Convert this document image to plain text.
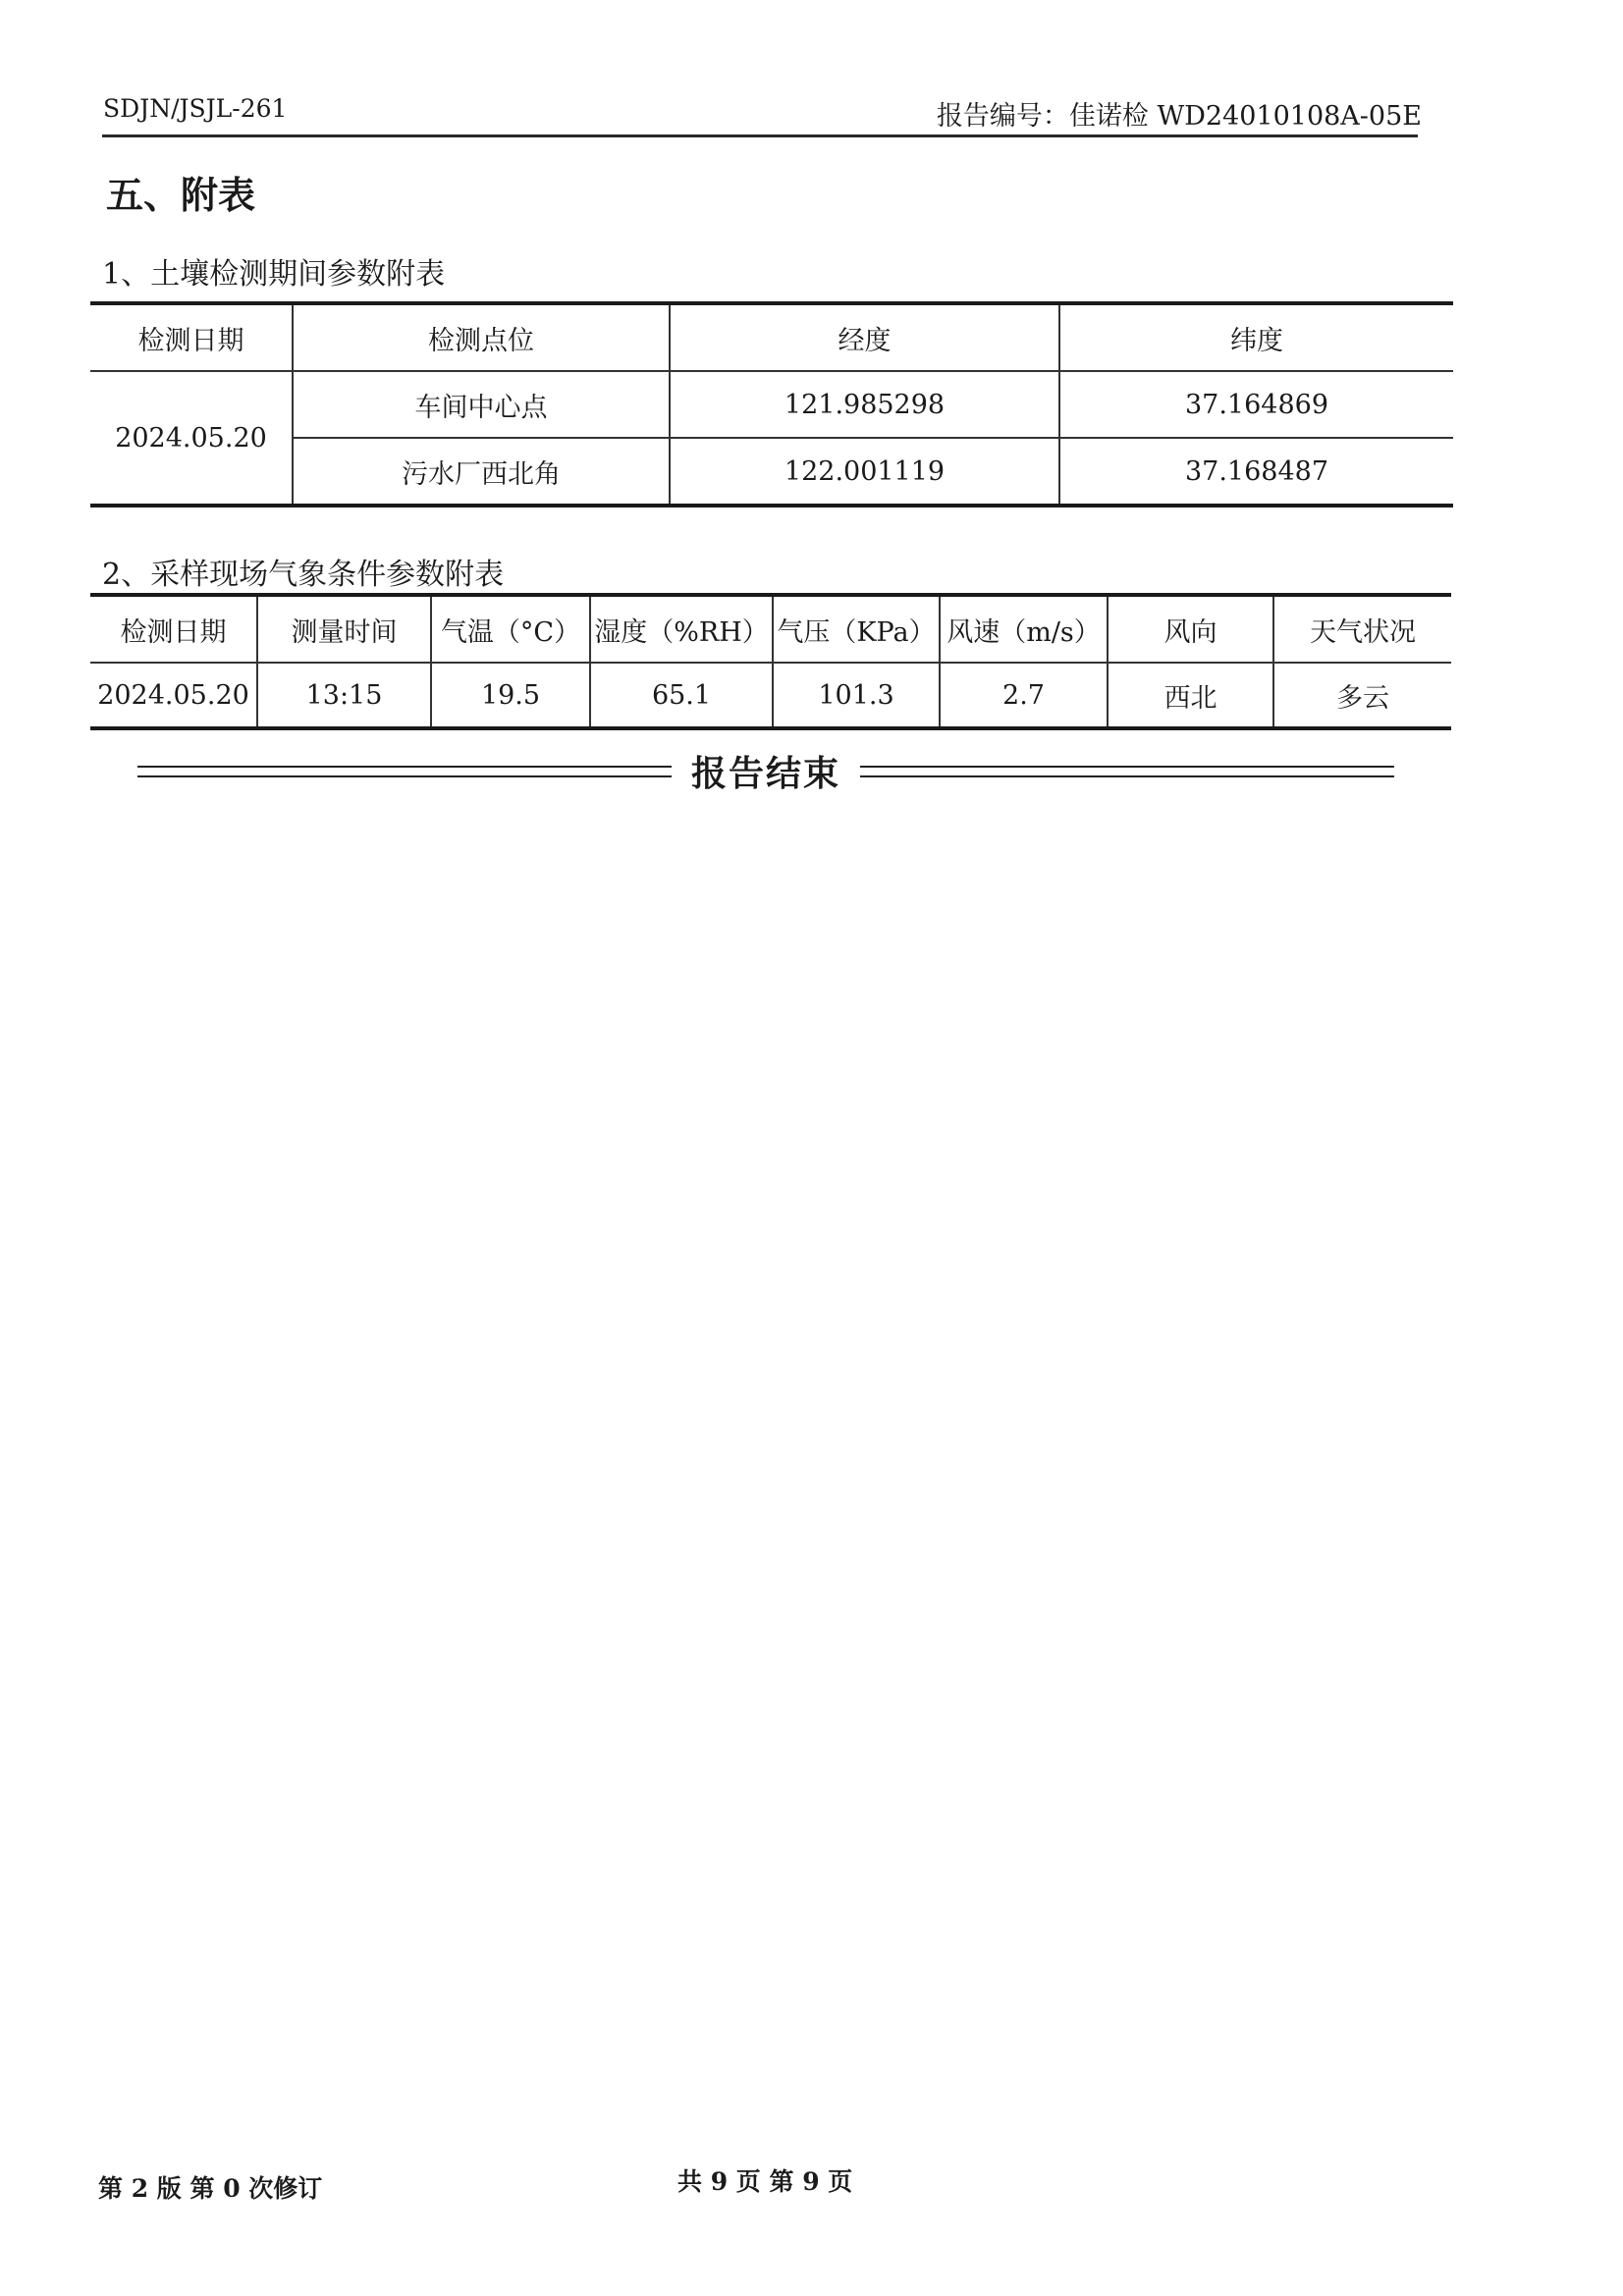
SDJN/JSJL-261	报告编号：佳诺检 WD24010108A-05E
五、附表
1、土壤检测期间参数附表
检测日期	检测点位	经度	纬度
2024.05.20	车间中心点	121.985298	37.164869
	污水厂西北角	122.001119	37.168487
2、采样现场气象条件参数附表
检测日期	测量时间	气温（°C）	湿度（%RH）	气压（KPa）	风速（m/s）	风向	天气状况
2024.05.20	13:15	19.5	65.1	101.3	2.7	西北	多云
报告结束
第 2 版 第 0 次修订	共 9 页 第 9 页
